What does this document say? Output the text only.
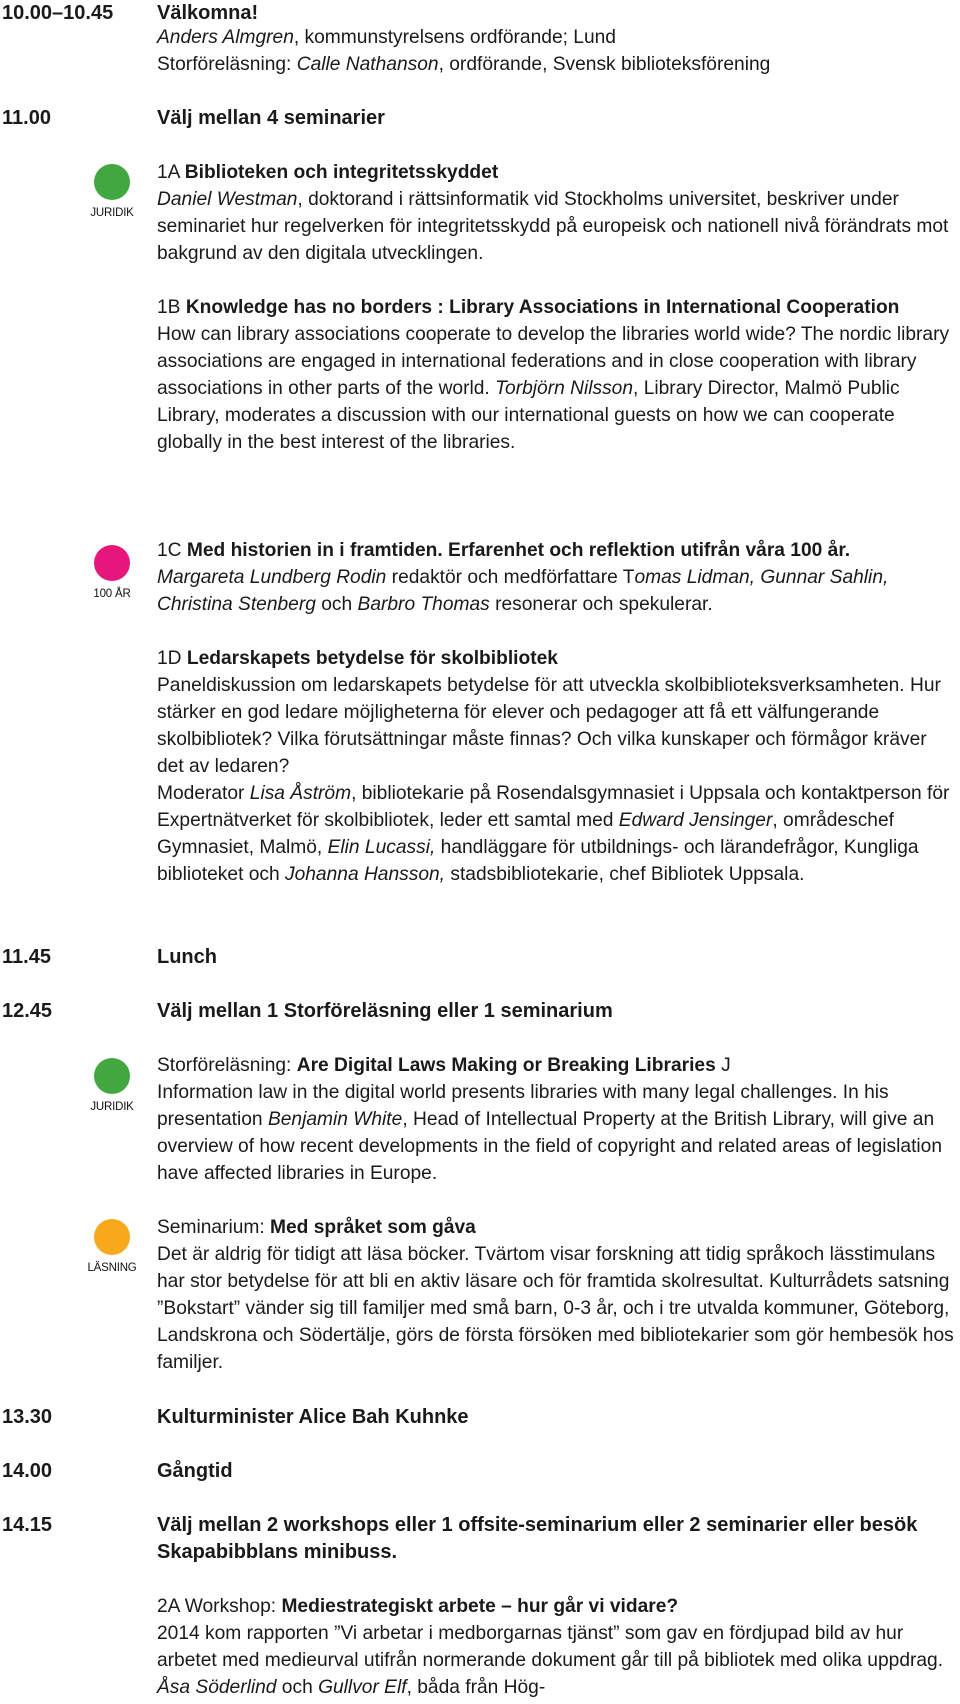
10.00–10.45 Välkomna!

Anders Almgren, kommunstyrelsens ordförande; Lund

Storföreläsning: Calle Nathanson, ordförande, Svensk biblioteksförening

11.00	Välj mellan 4 seminarier
JURIDIK

1A Biblioteken och integritetsskyddet

Daniel Westman, doktorand i rättsinformatik vid Stockholms universitet, beskriver under seminariet hur regelverken för integritetsskydd på europeisk och nationell nivå förändrats mot bakgrund av den digitala utvecklingen.

1B Knowledge has no borders : Library Associations in International Cooperation

How can library associations cooperate to develop the libraries world wide? The nordic library associations are engaged in international federations and in close cooperation with library associations in other parts of the world. Torbjörn Nilsson, Library Director, Malmö Public Library, moderates a discussion with our international guests on how we can cooperate globally in the best interest of the libraries.

100 ÅR

1C Med historien in i framtiden. Erfarenhet och reflektion utifrån våra 100 år.

Margareta Lundberg Rodin redaktör och medförfattare Tomas Lidman, Gunnar Sahlin, Christina Stenberg och Barbro Thomas resonerar och spekulerar.

1D Ledarskapets betydelse för skolbibliotek

Paneldiskussion om ledarskapets betydelse för att utveckla skolbiblioteksverksamheten. Hur stärker en god ledare möjligheterna för elever och pedagoger att få ett välfungerande skolbibliotek? Vilka förutsättningar måste finnas? Och vilka kunskaper och förmågor kräver det av ledaren?

Moderator Lisa Åström, bibliotekarie på Rosendalsgymnasiet i Uppsala och kontaktperson för Expertnätverket för skolbibliotek, leder ett samtal med Edward Jensinger, områdeschef Gymnasiet, Malmö, Elin Lucassi, handläggare för utbildnings- och lärandefrågor, Kungliga biblioteket och Johanna Hansson, stadsbibliotekarie, chef Bibliotek Uppsala.

11.45	Lunch
12.45	Välj mellan 1 Storföreläsning eller 1 seminarium
JURIDIK

Storföreläsning: Are Digital Laws Making or Breaking Libraries J

Information law in the digital world presents libraries with many legal challenges. In his presentation Benjamin White, Head of Intellectual Property at the British Library, will give an overview of how recent developments in the field of copyright and related areas of legislation have affected libraries in Europe.

LÄSNING

Seminarium: Med språket som gåva

Det är aldrig för tidigt att läsa böcker. Tvärtom visar forskning att tidig språkoch lässtimulans har stor betydelse för att bli en aktiv läsare och för framtida skolresultat. Kulturrådets satsning ”Bokstart” vänder sig till familjer med små barn, 0-3 år, och i tre utvalda kommuner, Göteborg, Landskrona och Södertälje, görs de första försöken med bibliotekarier som gör hembesök hos familjer.

13.30	Kulturminister Alice Bah Kuhnke
14.00	Gångtid
14.15	Välj mellan 2 workshops eller 1 offsite-seminarium eller 2 seminarier eller besök Skapabibblans minibuss.

2A Workshop: Mediestrategiskt arbete – hur går vi vidare?

2014 kom rapporten ”Vi arbetar i medborgarnas tjänst” som gav en fördjupad bild av hur arbetet med medieurval utifrån normerande dokument går till på bibliotek med olika uppdrag. Åsa Söderlind och Gullvor Elf, båda från Hög-
